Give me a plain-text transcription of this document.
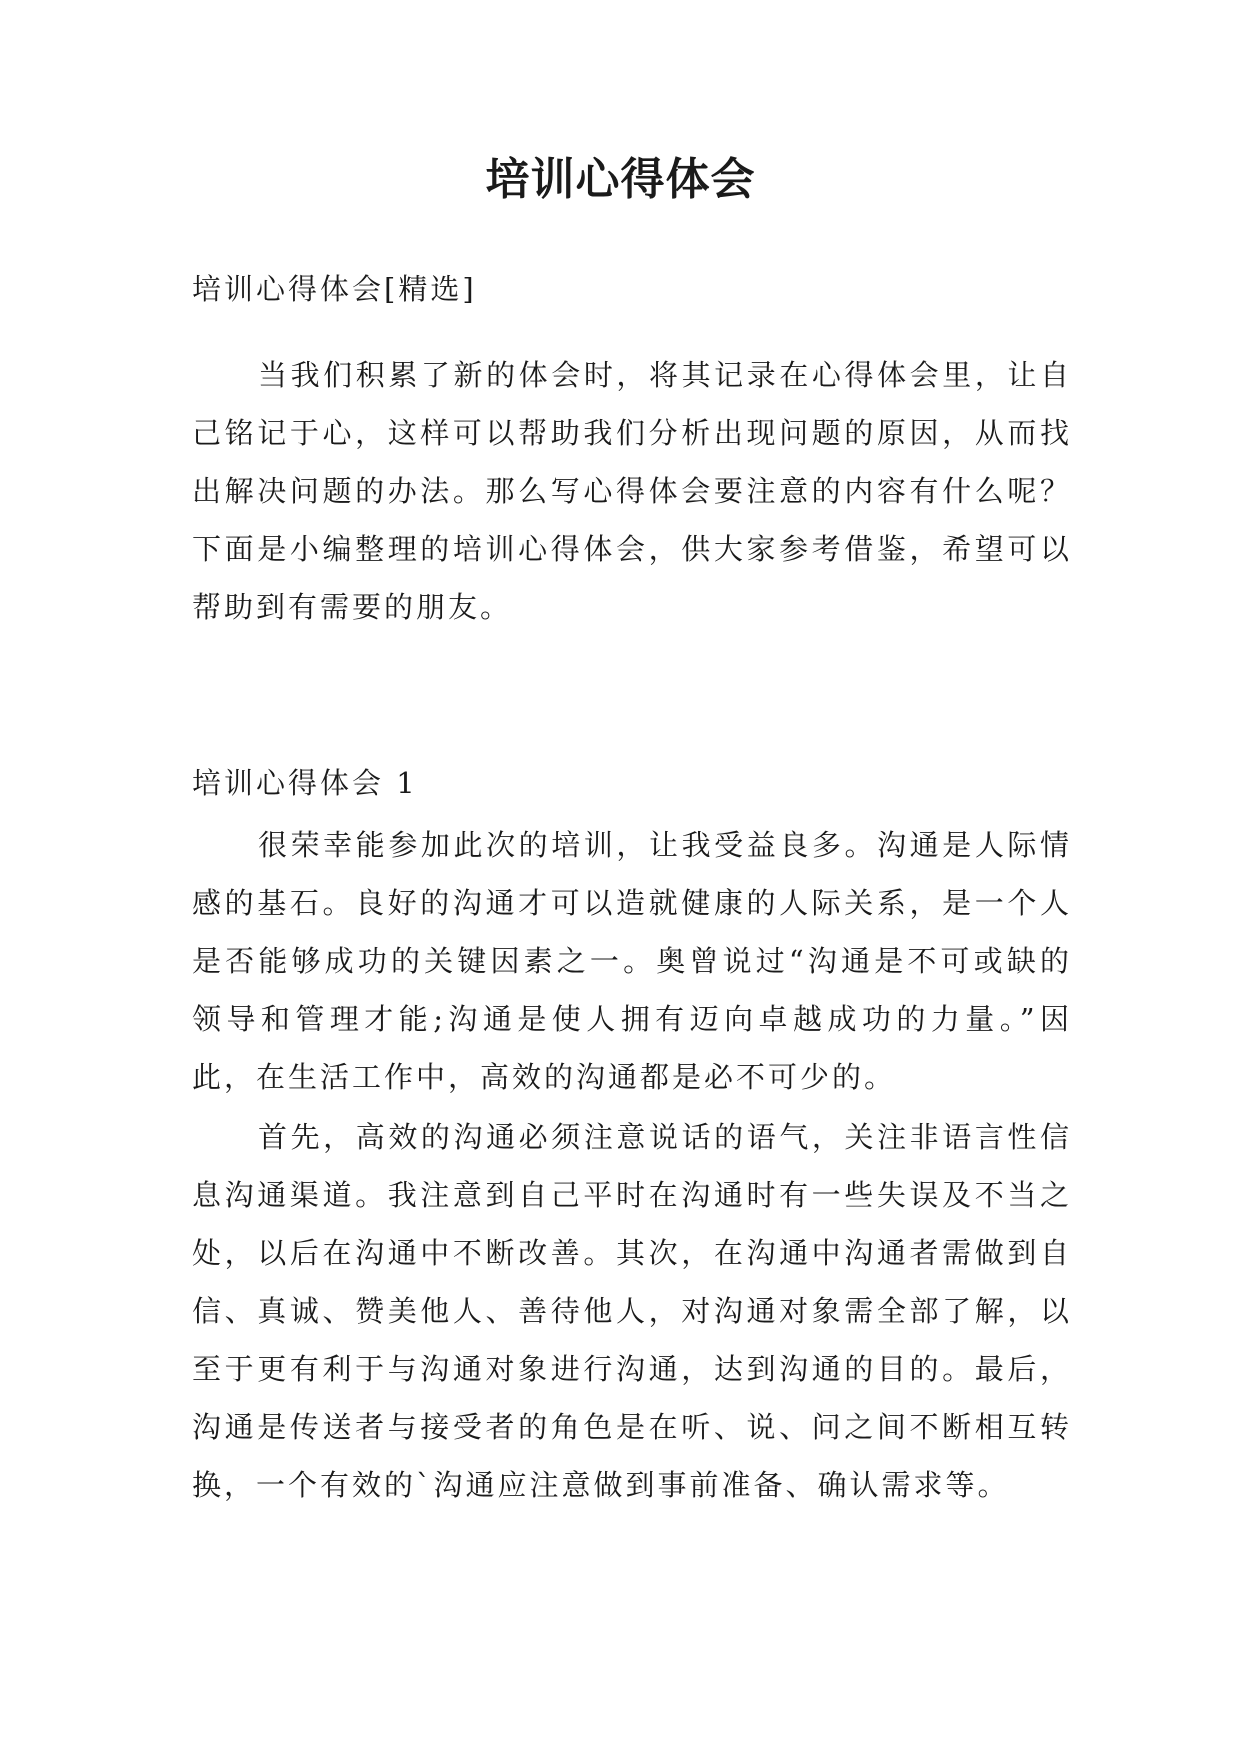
培训心得体会

培训心得体会[精选]

当我们积累了新的体会时，将其记录在心得体会里，让自己铭记于心，这样可以帮助我们分析出现问题的原因，从而找出解决问题的办法。那么写心得体会要注意的内容有什么呢？下面是小编整理的培训心得体会，供大家参考借鉴，希望可以帮助到有需要的朋友。

培训心得体会 1

很荣幸能参加此次的培训，让我受益良多。沟通是人际情感的基石。良好的沟通才可以造就健康的人际关系，是一个人是否能够成功的关键因素之一。奥曾说过“沟通是不可或缺的领导和管理才能;沟通是使人拥有迈向卓越成功的力量。”因此，在生活工作中，高效的沟通都是必不可少的。

首先，高效的沟通必须注意说话的语气，关注非语言性信息沟通渠道。我注意到自己平时在沟通时有一些失误及不当之处，以后在沟通中不断改善。其次，在沟通中沟通者需做到自信、真诚、赞美他人、善待他人，对沟通对象需全部了解，以至于更有利于与沟通对象进行沟通，达到沟通的目的。最后，沟通是传送者与接受者的角色是在听、说、问之间不断相互转换，一个有效的`沟通应注意做到事前准备、确认需求等。
